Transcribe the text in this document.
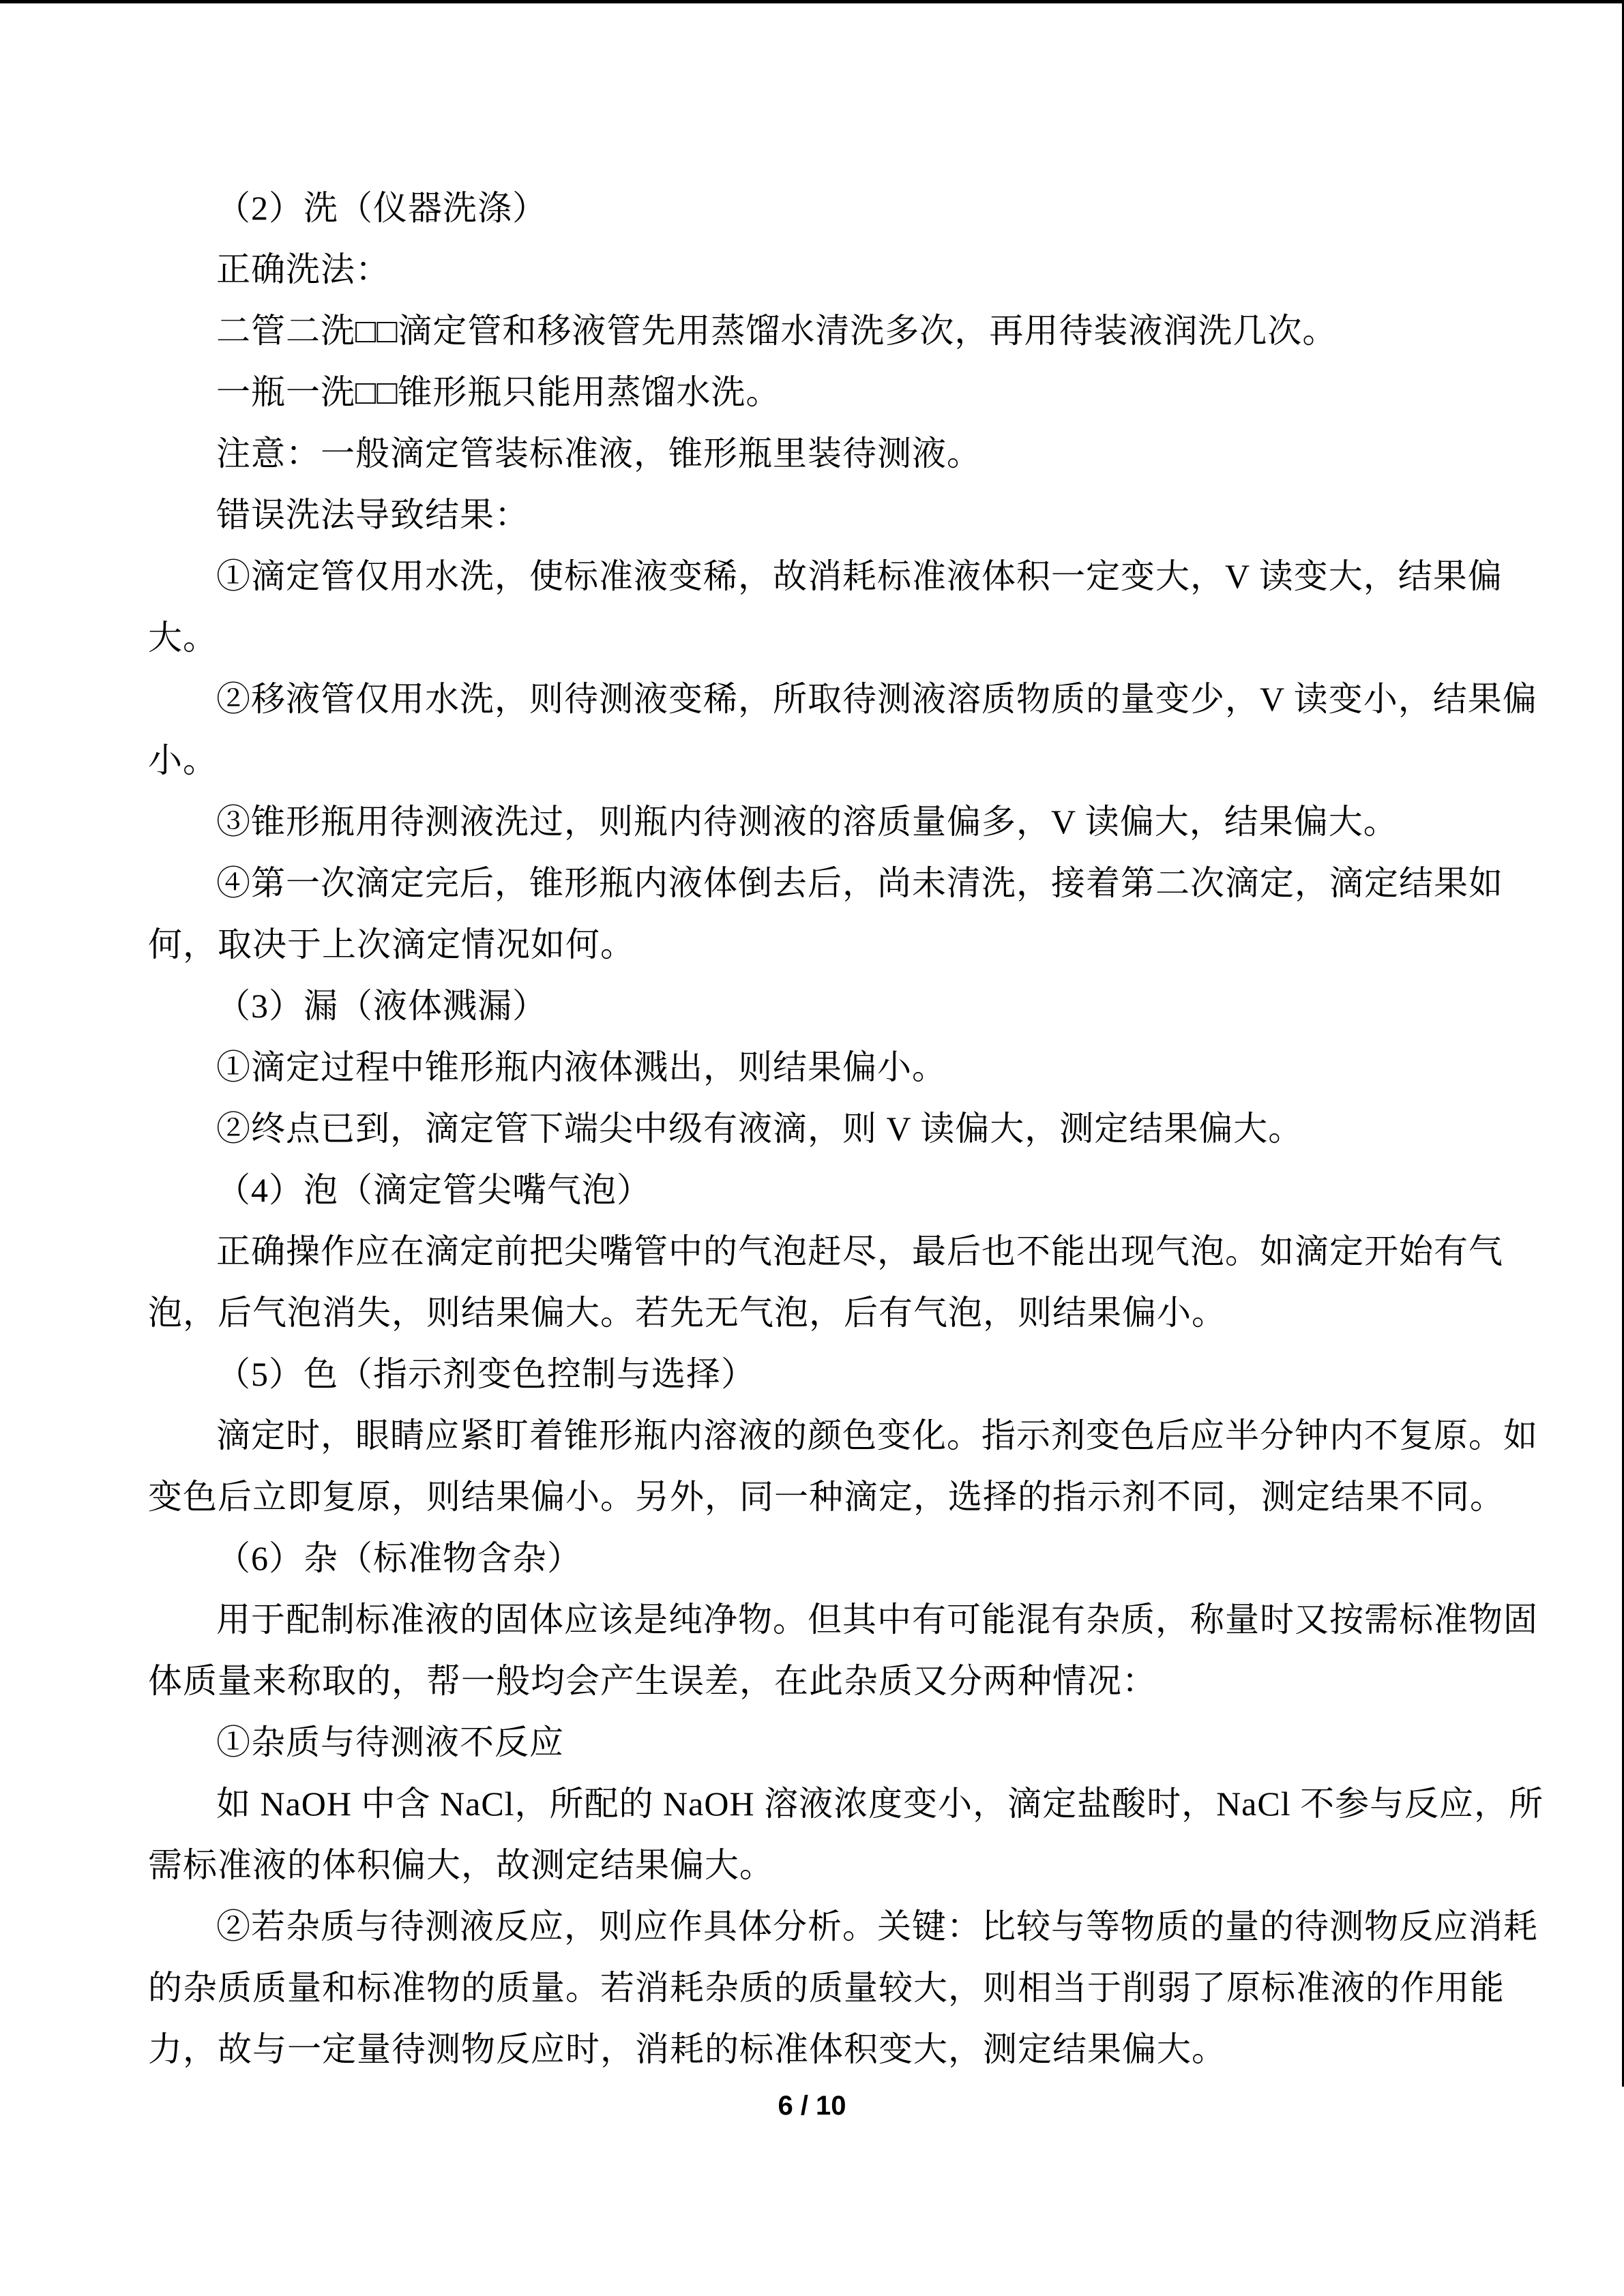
（2）洗（仪器洗涤）
正确洗法：
二管二洗□□滴定管和移液管先用蒸馏水清洗多次，再用待装液润洗几次。
一瓶一洗□□锥形瓶只能用蒸馏水洗。
注意：一般滴定管装标准液，锥形瓶里装待测液。
错误洗法导致结果：
①滴定管仅用水洗，使标准液变稀，故消耗标准液体积一定变大，V 读变大，结果偏
大。
②移液管仅用水洗，则待测液变稀，所取待测液溶质物质的量变少，V 读变小，结果偏
小。
③锥形瓶用待测液洗过，则瓶内待测液的溶质量偏多，V 读偏大，结果偏大。
④第一次滴定完后，锥形瓶内液体倒去后，尚未清洗，接着第二次滴定，滴定结果如
何，取决于上次滴定情况如何。
（3）漏（液体溅漏）
①滴定过程中锥形瓶内液体溅出，则结果偏小。
②终点已到，滴定管下端尖中级有液滴，则 V 读偏大，测定结果偏大。
（4）泡（滴定管尖嘴气泡）
正确操作应在滴定前把尖嘴管中的气泡赶尽，最后也不能出现气泡。如滴定开始有气
泡，后气泡消失，则结果偏大。若先无气泡，后有气泡，则结果偏小。
（5）色（指示剂变色控制与选择）
滴定时，眼睛应紧盯着锥形瓶内溶液的颜色变化。指示剂变色后应半分钟内不复原。如
变色后立即复原，则结果偏小。另外，同一种滴定，选择的指示剂不同，测定结果不同。
（6）杂（标准物含杂）
用于配制标准液的固体应该是纯净物。但其中有可能混有杂质，称量时又按需标准物固
体质量来称取的，帮一般均会产生误差，在此杂质又分两种情况：
①杂质与待测液不反应
如 NaOH 中含 NaCl，所配的 NaOH 溶液浓度变小，滴定盐酸时，NaCl 不参与反应，所
需标准液的体积偏大，故测定结果偏大。
②若杂质与待测液反应，则应作具体分析。关键：比较与等物质的量的待测物反应消耗
的杂质质量和标准物的质量。若消耗杂质的质量较大，则相当于削弱了原标准液的作用能
力，故与一定量待测物反应时，消耗的标准体积变大，测定结果偏大。
6 / 10
